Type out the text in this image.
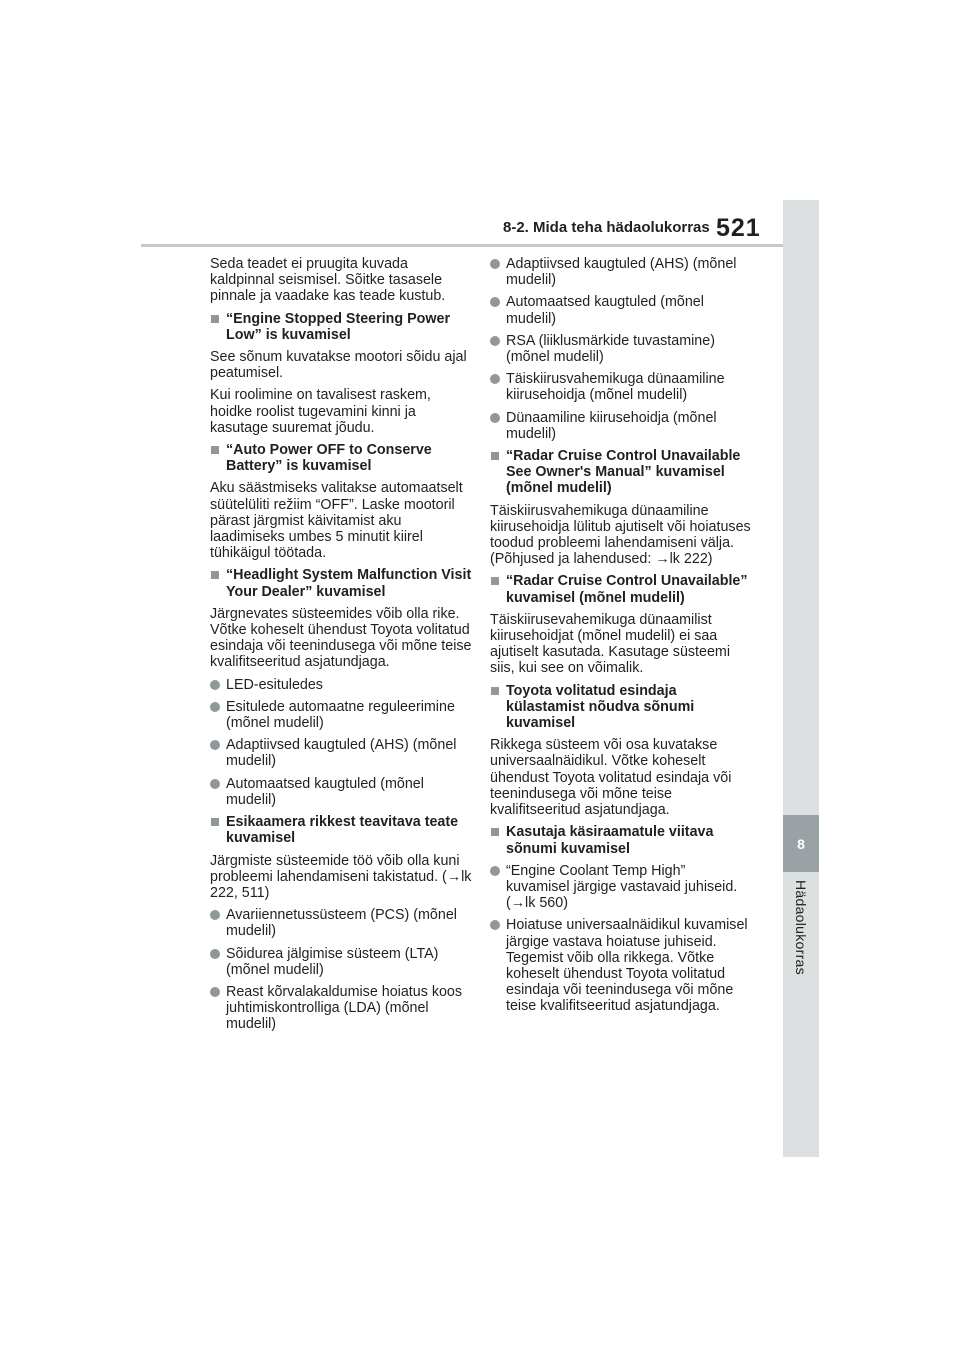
8
Hädaolukorras
8-2. Mida teha hädaolukorras 521

Seda teadet ei pruugita kuvada kaldpinnal seismisel. Sõitke tasasele pinnale ja vaadake kas teade kustub.

“Engine Stopped Steering Power Low” is kuvamisel

See sõnum kuvatakse mootori sõidu ajal peatumisel.

Kui roolimine on tavalisest raskem, hoidke roolist tugevamini kinni ja kasutage suuremat jõudu.

“Auto Power OFF to Conserve Battery” is kuvamisel

Aku säästmiseks valitakse automaatselt süütelüliti režiim “OFF”. Laske mootoril pärast järgmist käivitamist aku laadimiseks umbes 5 minutit kiirel tühikäigul töötada.

“Headlight System Malfunction Visit Your Dealer” kuvamisel

Järgnevates süsteemides võib olla rike. Võtke koheselt ühendust Toyota volitatud esindaja või teenindusega või mõne teise kvalifitseeritud asjatundjaga.

LED-esituledes

Esitulede automaatne reguleerimine (mõnel mudelil)

Adaptiivsed kaugtuled (AHS) (mõnel mudelil)

Automaatsed kaugtuled (mõnel mudelil)

Esikaamera rikkest teavitava teate kuvamisel

Järgmiste süsteemide töö võib olla kuni probleemi lahendamiseni takistatud. (→lk 222, 511)

Avariiennetussüsteem (PCS) (mõnel mudelil)

Sõidurea jälgimise süsteem (LTA) (mõnel mudelil)

Reast kõrvalakaldumise hoiatus koos juhtimiskontrolliga (LDA) (mõnel mudelil)

Adaptiivsed kaugtuled (AHS) (mõnel mudelil)

Automaatsed kaugtuled (mõnel mudelil)

RSA (liiklusmärkide tuvastamine) (mõnel mudelil)

Täiskiirusvahemikuga dünaamiline kiirusehoidja (mõnel mudelil)

Dünaamiline kiirusehoidja (mõnel mudelil)

“Radar Cruise Control Unavailable See Owner's Manual” kuvamisel (mõnel mudelil)

Täiskiirusvahemikuga dünaamiline kiirusehoidja lülitub ajutiselt või hoiatuses toodud probleemi lahendamiseni välja. (Põhjused ja lahendused: →lk 222)

“Radar Cruise Control Unavailable” kuvamisel (mõnel mudelil)

Täiskiirusevahemikuga dünaamilist kiirusehoidjat (mõnel mudelil) ei saa ajutiselt kasutada. Kasutage süsteemi siis, kui see on võimalik.

Toyota volitatud esindaja külastamist nõudva sõnumi kuvamisel

Rikkega süsteem või osa kuvatakse universaalnäidikul. Võtke koheselt ühendust Toyota volitatud esindaja või teenindusega või mõne teise kvalifitseeritud asjatundjaga.

Kasutaja käsiraamatule viitava sõnumi kuvamisel

“Engine Coolant Temp High” kuvamisel järgige vastavaid juhiseid. (→lk 560)

Hoiatuse universaalnäidikul kuvamisel järgige vastava hoiatuse juhiseid. Tegemist võib olla rikkega. Võtke koheselt ühendust Toyota volitatud esindaja või teenindusega või mõne teise kvalifitseeritud asjatundjaga.
